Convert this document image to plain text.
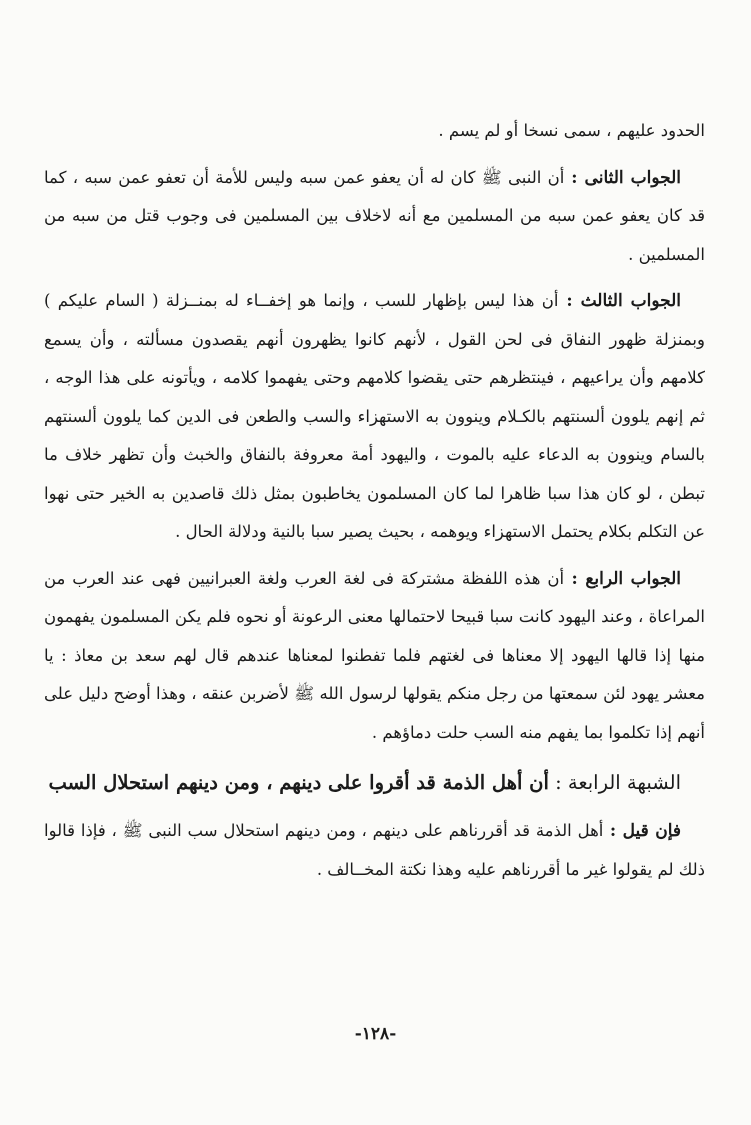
الحدود عليهم ، سمى نسخا أو لم يسم .

الجواب الثانى : أن النبى ﷺ كان له أن يعفو عمن سبه وليس للأمة أن تعفو عمن سبه ، كما قد كان يعفو عمن سبه من المسلمين مع أنه لاخلاف بين المسلمين فى وجوب قتل من سبه من المسلمين .

الجواب الثالث : أن هذا ليس بإظهار للسب ، وإنما هو إخفــاء له بمنــزلة ( السام عليكم ) وبمنزلة ظهور النفاق فى لحن القول ، لأنهم كانوا يظهرون أنهم يقصدون مسألته ، وأن يسمع كلامهم وأن يراعيهم ، فينتظرهم حتى يقضوا كلامهم وحتى يفهموا كلامه ، ويأتونه على هذا الوجه ، ثم إنهم يلوون ألسنتهم بالكـلام وينوون به الاستهزاء والسب والطعن فى الدين كما يلوون ألسنتهم بالسام وينوون به الدعاء عليه بالموت ، واليهود أمة معروفة بالنفاق والخبث وأن تظهر خلاف ما تبطن ، لو كان هذا سبا ظاهرا لما كان المسلمون يخاطبون بمثل ذلك قاصدين به الخير حتى نهوا عن التكلم بكلام يحتمل الاستهزاء ويوهمه ، بحيث يصير سبا بالنية ودلالة الحال .

الجواب الرابع : أن هذه اللفظة مشتركة فى لغة العرب ولغة العبرانيين فهى عند العرب من المراعاة ، وعند اليهود كانت سبا قبيحا لاحتمالها معنى الرعونة أو نحوه فلم يكن المسلمون يفهمون منها إذا قالها اليهود إلا معناها فى لغتهم فلما تفطنوا لمعناها عندهم قال لهم سعد بن معاذ : يا معشر يهود لئن سمعتها من رجل منكم يقولها لرسول الله ﷺ لأضربن عنقه ، وهذا أوضح دليل على أنهم إذا تكلموا بما يفهم منه السب حلت دماؤهم .

الشبهة الرابعة : أن أهل الذمة قد أقروا على دينهم ، ومن دينهم استحلال السب

فإن قيل : أهل الذمة قد أقررناهم على دينهم ، ومن دينهم استحلال سب النبى ﷺ ، فإذا قالوا ذلك لم يقولوا غير ما أقررناهم عليه وهذا نكتة المخــالف .

-١٢٨-
